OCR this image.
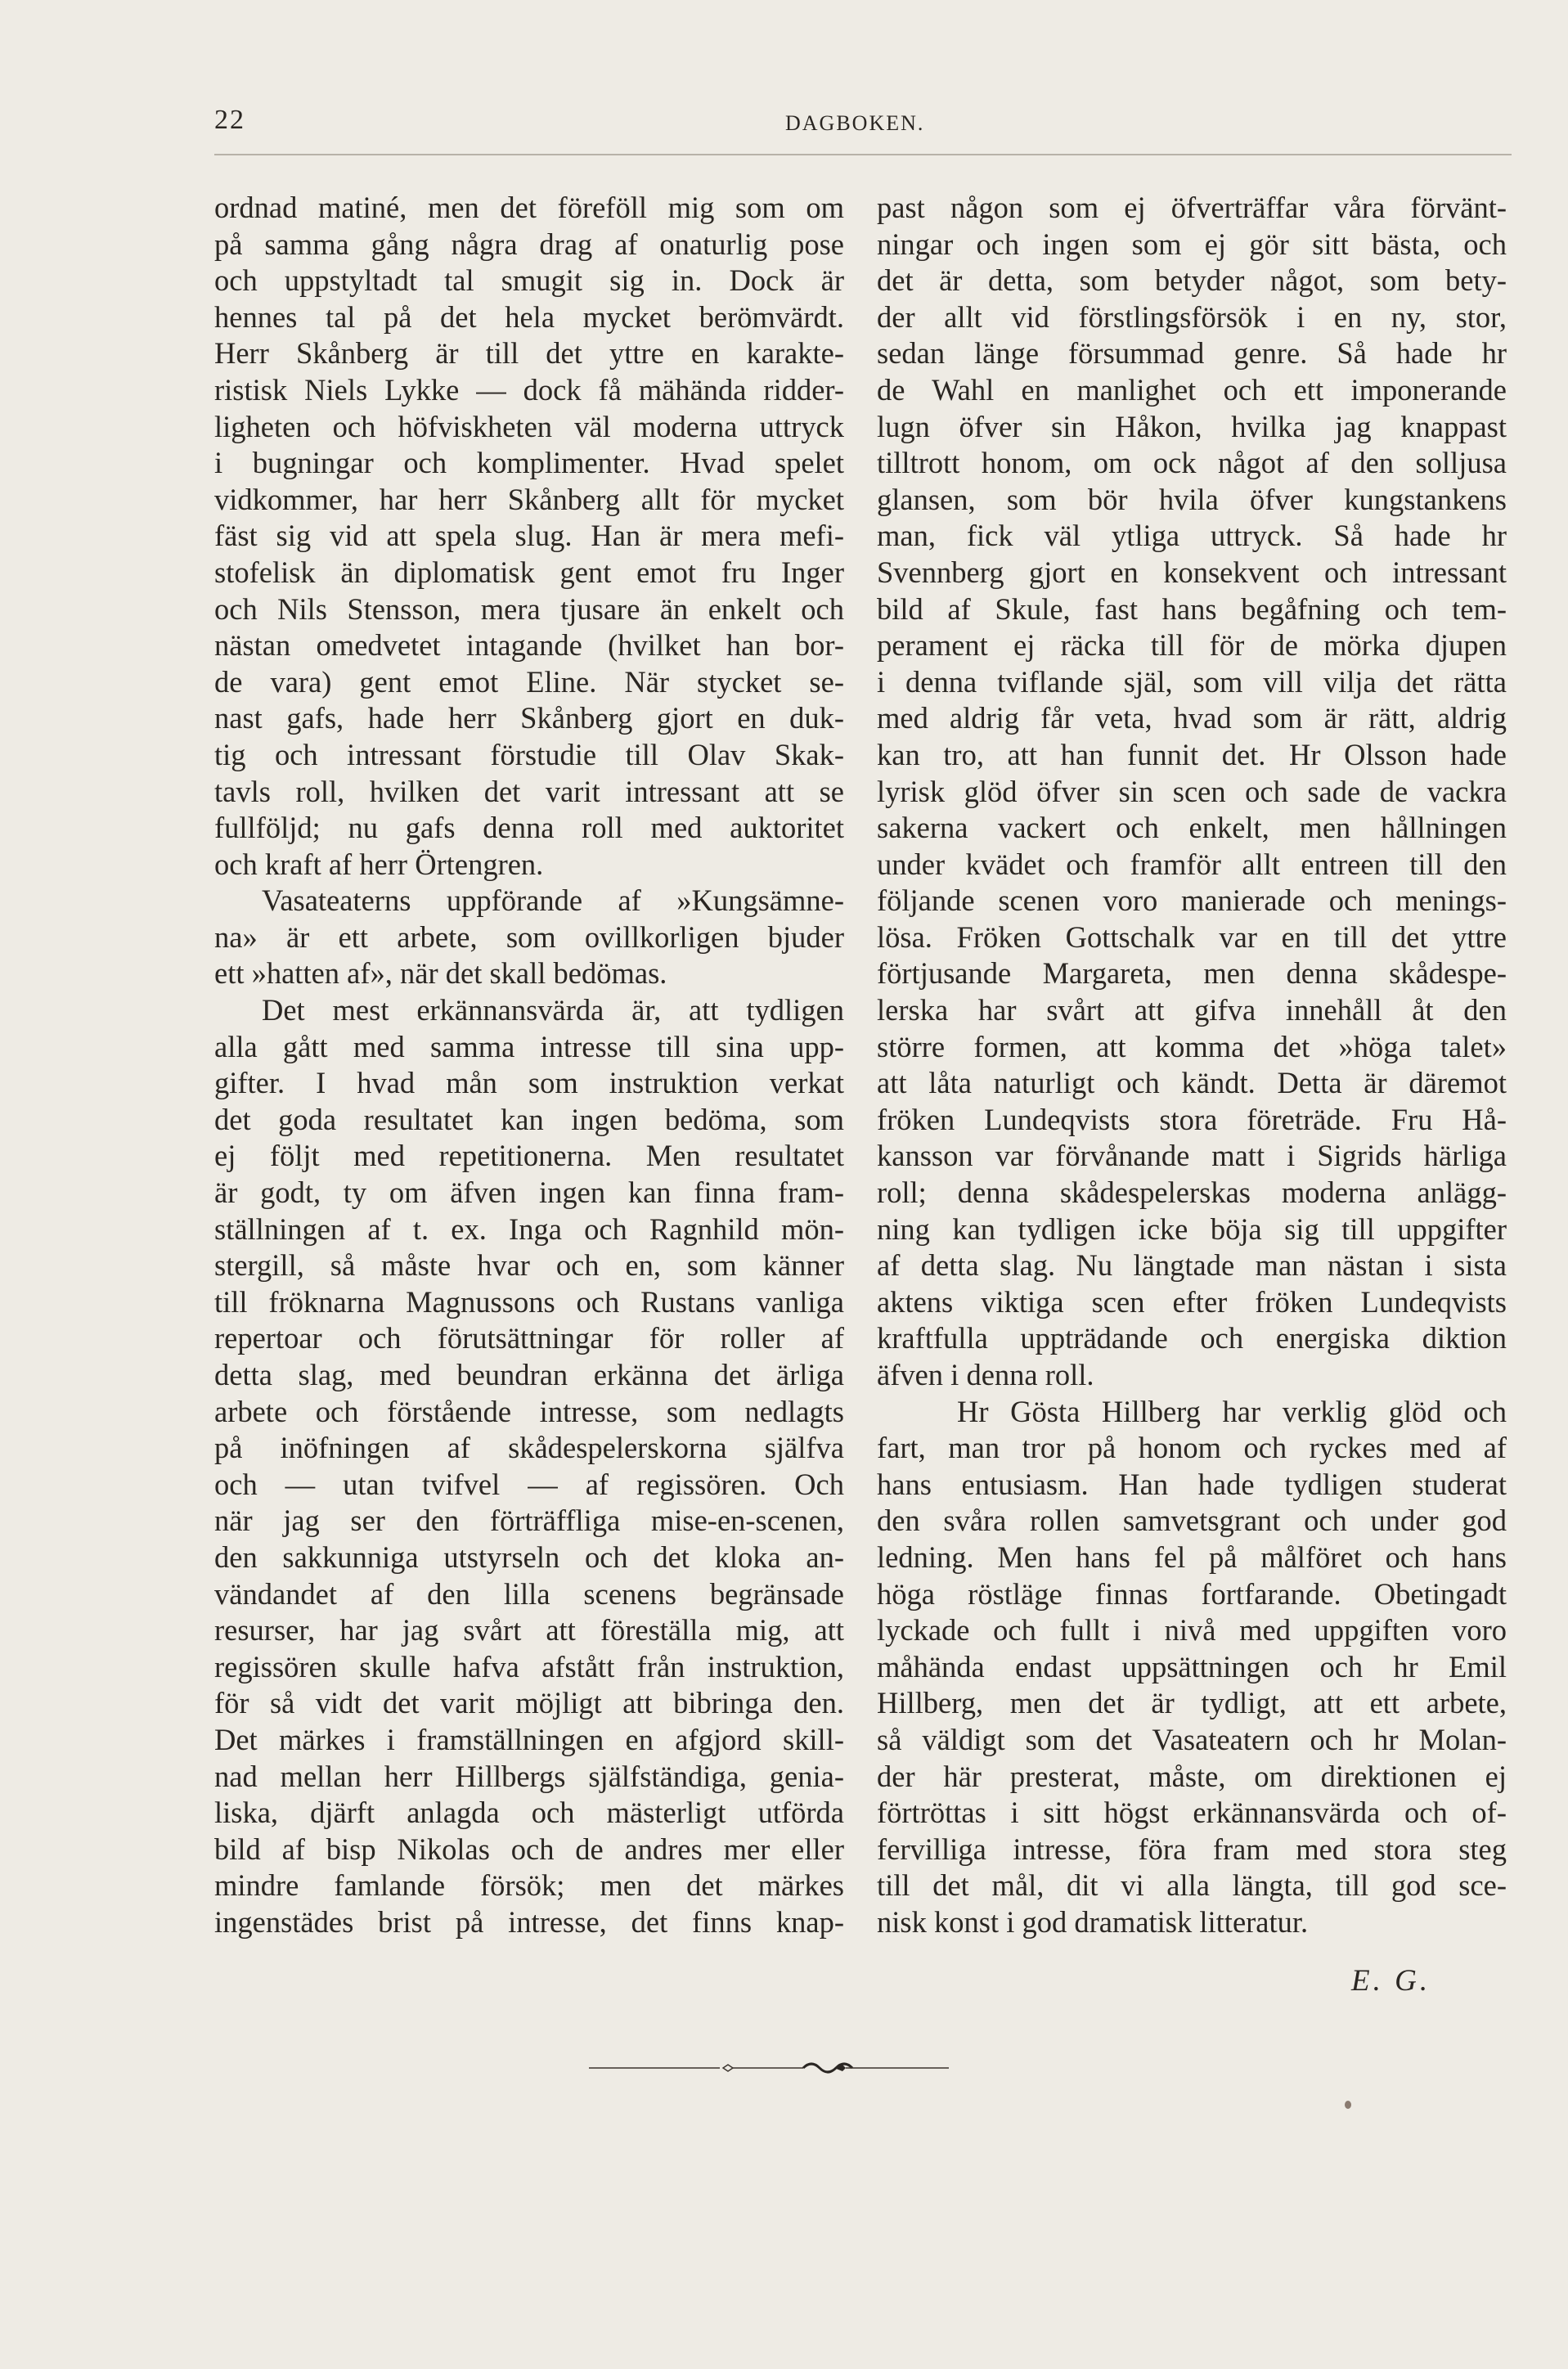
22	DAGBOKEN.
ordnad matiné, men det föreföll mig som om
på samma gång några drag af onaturlig pose
och uppstyltadt tal smugit sig in. Dock är
hennes tal på det hela mycket berömvärdt.
Herr Skånberg är till det yttre en karakte-
ristisk Niels Lykke — dock få mähända ridder-
ligheten och höfviskheten väl moderna uttryck
i bugningar och komplimenter. Hvad spelet
vidkommer, har herr Skånberg allt för mycket
fäst sig vid att spela slug. Han är mera mefi-
stofelisk än diplomatisk gent emot fru Inger
och Nils Stensson, mera tjusare än enkelt och
nästan omedvetet intagande (hvilket han bor-
de vara) gent emot Eline. När stycket se-
nast gafs, hade herr Skånberg gjort en duk-
tig och intressant förstudie till Olav Skak-
tavls roll, hvilken det varit intressant att se
fullföljd; nu gafs denna roll med auktoritet
och kraft af herr Örtengren.
Vasateaterns uppförande af »Kungsämne-
na» är ett arbete, som ovillkorligen bjuder
ett »hatten af», när det skall bedömas.
Det mest erkännansvärda är, att tydligen
alla gått med samma intresse till sina upp-
gifter. I hvad mån som instruktion verkat
det goda resultatet kan ingen bedöma, som
ej följt med repetitionerna. Men resultatet
är godt, ty om äfven ingen kan finna fram-
ställningen af t. ex. Inga och Ragnhild mön-
stergill, så måste hvar och en, som känner
till fröknarna Magnussons och Rustans vanliga
repertoar och förutsättningar för roller af
detta slag, med beundran erkänna det ärliga
arbete och förstående intresse, som nedlagts
på inöfningen af skådespelerskorna själfva
och — utan tvifvel — af regissören. Och
när jag ser den förträffliga mise-en-scenen,
den sakkunniga utstyrseln och det kloka an-
vändandet af den lilla scenens begränsade
resurser, har jag svårt att föreställa mig, att
regissören skulle hafva afstått från instruktion,
för så vidt det varit möjligt att bibringa den.
Det märkes i framställningen en afgjord skill-
nad mellan herr Hillbergs själfständiga, genia-
liska, djärft anlagda och mästerligt utförda
bild af bisp Nikolas och de andres mer eller
mindre famlande försök; men det märkes
ingenstädes brist på intresse, det finns knap-
past någon som ej öfverträffar våra förvänt-
ningar och ingen som ej gör sitt bästa, och
det är detta, som betyder något, som bety-
der allt vid förstlingsförsök i en ny, stor,
sedan länge försummad genre. Så hade hr
de Wahl en manlighet och ett imponerande
lugn öfver sin Håkon, hvilka jag knappast
tilltrott honom, om ock något af den solljusa
glansen, som bör hvila öfver kungstankens
man, fick väl ytliga uttryck. Så hade hr
Svennberg gjort en konsekvent och intressant
bild af Skule, fast hans begåfning och tem-
perament ej räcka till för de mörka djupen
i denna tviflande själ, som vill vilja det rätta
med aldrig får veta, hvad som är rätt, aldrig
kan tro, att han funnit det. Hr Olsson hade
lyrisk glöd öfver sin scen och sade de vackra
sakerna vackert och enkelt, men hållningen
under kvädet och framför allt entreen till den
följande scenen voro manierade och menings-
lösa. Fröken Gottschalk var en till det yttre
förtjusande Margareta, men denna skådespe-
lerska har svårt att gifva innehåll åt den
större formen, att komma det »höga talet»
att låta naturligt och kändt. Detta är däremot
fröken Lundeqvists stora företräde. Fru Hå-
kansson var förvånande matt i Sigrids härliga
roll; denna skådespelerskas moderna anlägg-
ning kan tydligen icke böja sig till uppgifter
af detta slag. Nu längtade man nästan i sista
aktens viktiga scen efter fröken Lundeqvists
kraftfulla uppträdande och energiska diktion
äfven i denna roll.
Hr Gösta Hillberg har verklig glöd och
fart, man tror på honom och ryckes med af
hans entusiasm. Han hade tydligen studerat
den svåra rollen samvetsgrant och under god
ledning. Men hans fel på målföret och hans
höga röstläge finnas fortfarande. Obetingadt
lyckade och fullt i nivå med uppgiften voro
måhända endast uppsättningen och hr Emil
Hillberg, men det är tydligt, att ett arbete,
så väldigt som det Vasateatern och hr Molan-
der här presterat, måste, om direktionen ej
förtröttas i sitt högst erkännansvärda och of-
fervilliga intresse, föra fram med stora steg
till det mål, dit vi alla längta, till god sce-
nisk konst i god dramatisk litteratur.
E. G.
